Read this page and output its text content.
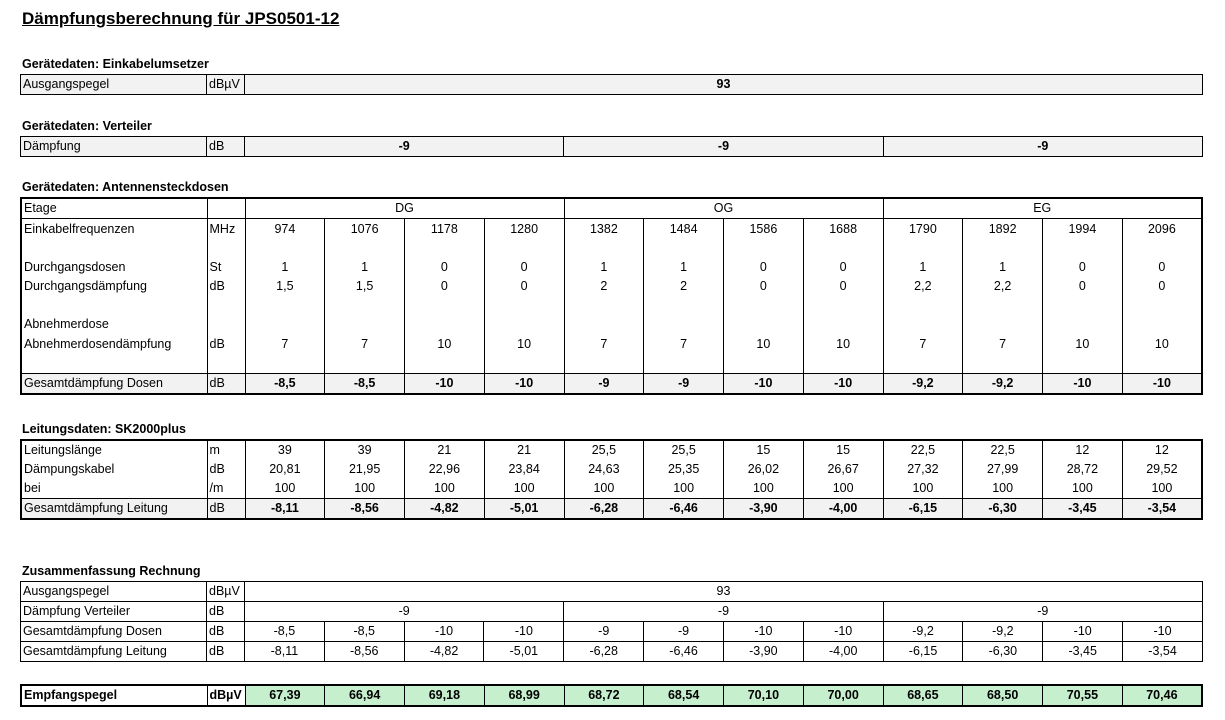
Dämpfungsberechnung für JPS0501-12
Gerätedaten: Einkabelumsetzer
Ausgangspegel	dBµV	93
Gerätedaten: Verteiler
Dämpfung	dB	-9	-9	-9
Gerätedaten: Antennensteckdosen
Etage		DG				OG				EG			
Einkabelfrequenzen	MHz	974	1076	1178	1280	1382	1484	1586	1688	1790	1892	1994	2096

Durchgangsdosen	St	1	1	0	0	1	1	0	0	1	1	0	0
Durchgangsdämpfung	dB	1,5	1,5	0	0	2	2	0	0	2,2	2,2	0	0

Abnehmerdose													
Abnehmerdosendämpfung	dB	7	7	10	10	7	7	10	10	7	7	10	10

Gesamtdämpfung Dosen	dB	-8,5	-8,5	-10	-10	-9	-9	-10	-10	-9,2	-9,2	-10	-10
Leitungsdaten: SK2000plus
Leitungslänge	m	39	39	21	21	25,5	25,5	15	15	22,5	22,5	12	12
Dämpungskabel	dB	20,81	21,95	22,96	23,84	24,63	25,35	26,02	26,67	27,32	27,99	28,72	29,52
bei	/m	100	100	100	100	100	100	100	100	100	100	100	100
Gesamtdämpfung Leitung	dB	-8,11	-8,56	-4,82	-5,01	-6,28	-6,46	-3,90	-4,00	-6,15	-6,30	-3,45	-3,54
Zusammenfassung Rechnung
Ausgangspegel	dBµV	93											
Dämpfung Verteiler	dB	-9				-9				-9			
Gesamtdämpfung Dosen	dB	-8,5	-8,5	-10	-10	-9	-9	-10	-10	-9,2	-9,2	-10	-10
Gesamtdämpfung Leitung	dB	-8,11	-8,56	-4,82	-5,01	-6,28	-6,46	-3,90	-4,00	-6,15	-6,30	-3,45	-3,54
Empfangspegel	dBµV	67,39	66,94	69,18	68,99	68,72	68,54	70,10	70,00	68,65	68,50	70,55	70,46
